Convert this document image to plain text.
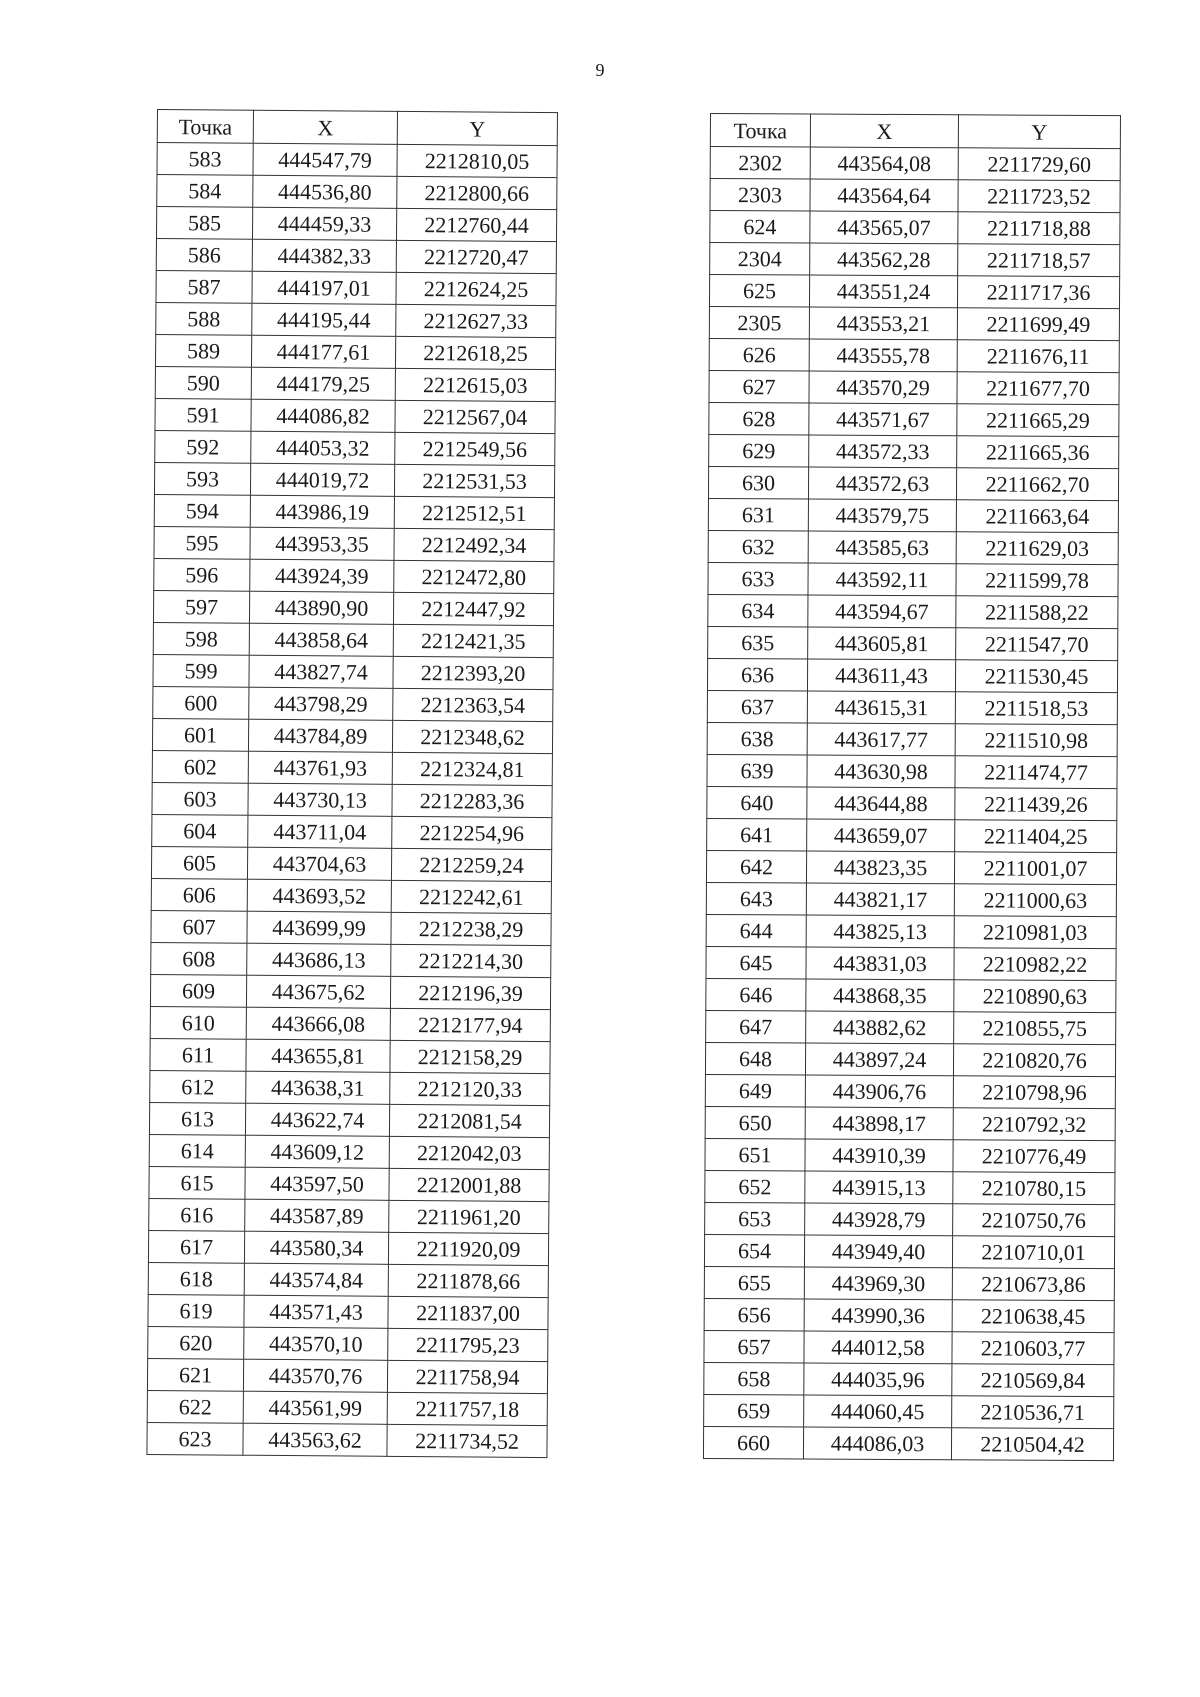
9
Точка	X	Y
583	444547,79	2212810,05
584	444536,80	2212800,66
585	444459,33	2212760,44
586	444382,33	2212720,47
587	444197,01	2212624,25
588	444195,44	2212627,33
589	444177,61	2212618,25
590	444179,25	2212615,03
591	444086,82	2212567,04
592	444053,32	2212549,56
593	444019,72	2212531,53
594	443986,19	2212512,51
595	443953,35	2212492,34
596	443924,39	2212472,80
597	443890,90	2212447,92
598	443858,64	2212421,35
599	443827,74	2212393,20
600	443798,29	2212363,54
601	443784,89	2212348,62
602	443761,93	2212324,81
603	443730,13	2212283,36
604	443711,04	2212254,96
605	443704,63	2212259,24
606	443693,52	2212242,61
607	443699,99	2212238,29
608	443686,13	2212214,30
609	443675,62	2212196,39
610	443666,08	2212177,94
611	443655,81	2212158,29
612	443638,31	2212120,33
613	443622,74	2212081,54
614	443609,12	2212042,03
615	443597,50	2212001,88
616	443587,89	2211961,20
617	443580,34	2211920,09
618	443574,84	2211878,66
619	443571,43	2211837,00
620	443570,10	2211795,23
621	443570,76	2211758,94
622	443561,99	2211757,18
623	443563,62	2211734,52
Точка	X	Y
2302	443564,08	2211729,60
2303	443564,64	2211723,52
624	443565,07	2211718,88
2304	443562,28	2211718,57
625	443551,24	2211717,36
2305	443553,21	2211699,49
626	443555,78	2211676,11
627	443570,29	2211677,70
628	443571,67	2211665,29
629	443572,33	2211665,36
630	443572,63	2211662,70
631	443579,75	2211663,64
632	443585,63	2211629,03
633	443592,11	2211599,78
634	443594,67	2211588,22
635	443605,81	2211547,70
636	443611,43	2211530,45
637	443615,31	2211518,53
638	443617,77	2211510,98
639	443630,98	2211474,77
640	443644,88	2211439,26
641	443659,07	2211404,25
642	443823,35	2211001,07
643	443821,17	2211000,63
644	443825,13	2210981,03
645	443831,03	2210982,22
646	443868,35	2210890,63
647	443882,62	2210855,75
648	443897,24	2210820,76
649	443906,76	2210798,96
650	443898,17	2210792,32
651	443910,39	2210776,49
652	443915,13	2210780,15
653	443928,79	2210750,76
654	443949,40	2210710,01
655	443969,30	2210673,86
656	443990,36	2210638,45
657	444012,58	2210603,77
658	444035,96	2210569,84
659	444060,45	2210536,71
660	444086,03	2210504,42
